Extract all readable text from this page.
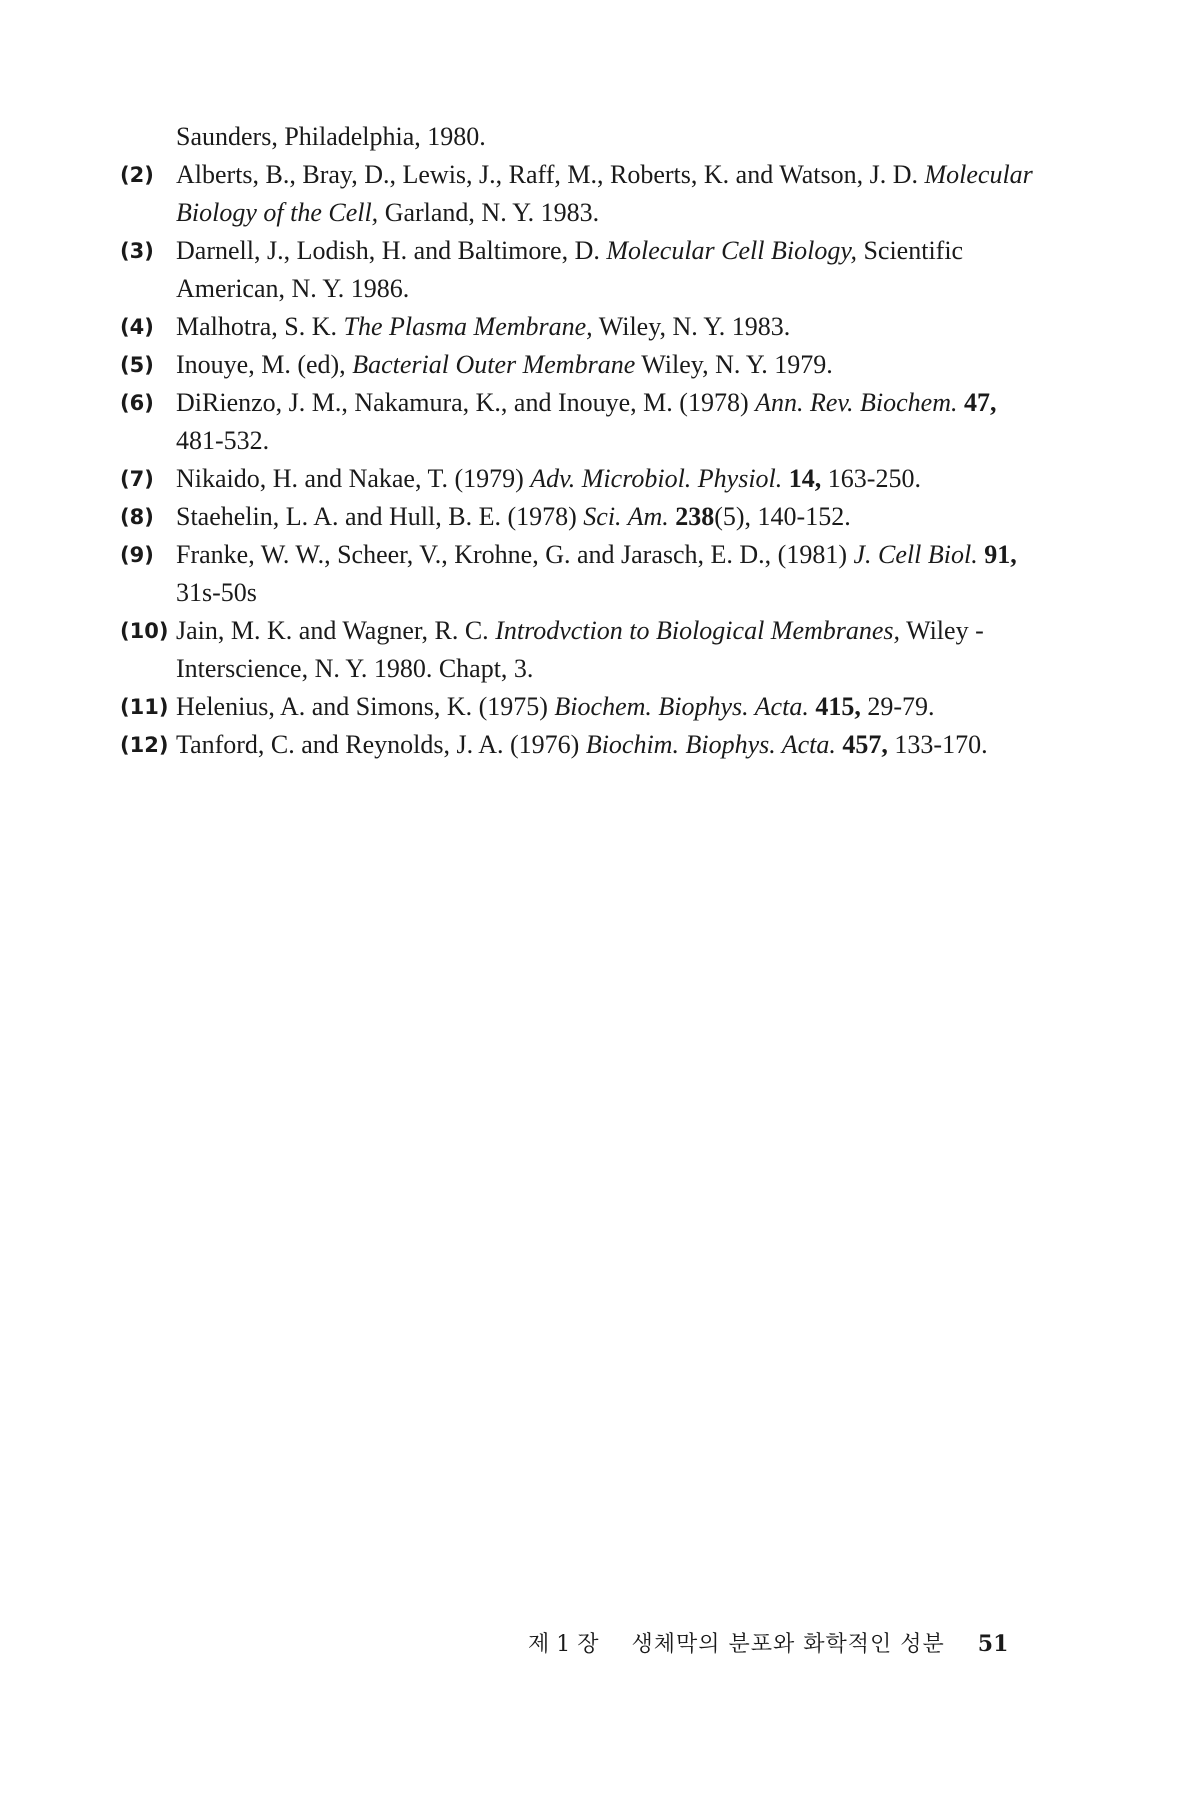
Saunders, Philadelphia, 1980.

(2) Alberts, B., Bray, D., Lewis, J., Raff, M., Roberts, K. and Watson, J. D. Molecular Biology of the Cell, Garland, N. Y. 1983.

(3) Darnell, J., Lodish, H. and Baltimore, D. Molecular Cell Biology, Scientific American, N. Y. 1986.

(4) Malhotra, S. K. The Plasma Membrane, Wiley, N. Y. 1983.

(5) Inouye, M. (ed), Bacterial Outer Membrane Wiley, N. Y. 1979.

(6) DiRienzo, J. M., Nakamura, K., and Inouye, M. (1978) Ann. Rev. Biochem. 47, 481-532.

(7) Nikaido, H. and Nakae, T. (1979) Adv. Microbiol. Physiol. 14, 163-250.

(8) Staehelin, L. A. and Hull, B. E. (1978) Sci. Am. 238(5), 140-152.

(9) Franke, W. W., Scheer, V., Krohne, G. and Jarasch, E. D., (1981) J. Cell Biol. 91, 31s-50s

(10) Jain, M. K. and Wagner, R. C. Introdvction to Biological Membranes, Wiley -Interscience, N. Y. 1980. Chapt, 3.

(11) Helenius, A. and Simons, K. (1975) Biochem. Biophys. Acta. 415, 29-79.

(12) Tanford, C. and Reynolds, J. A. (1976) Biochim. Biophys. Acta. 457, 133-170.

제 1 장 생체막의 분포와 화학적인 성분 51
